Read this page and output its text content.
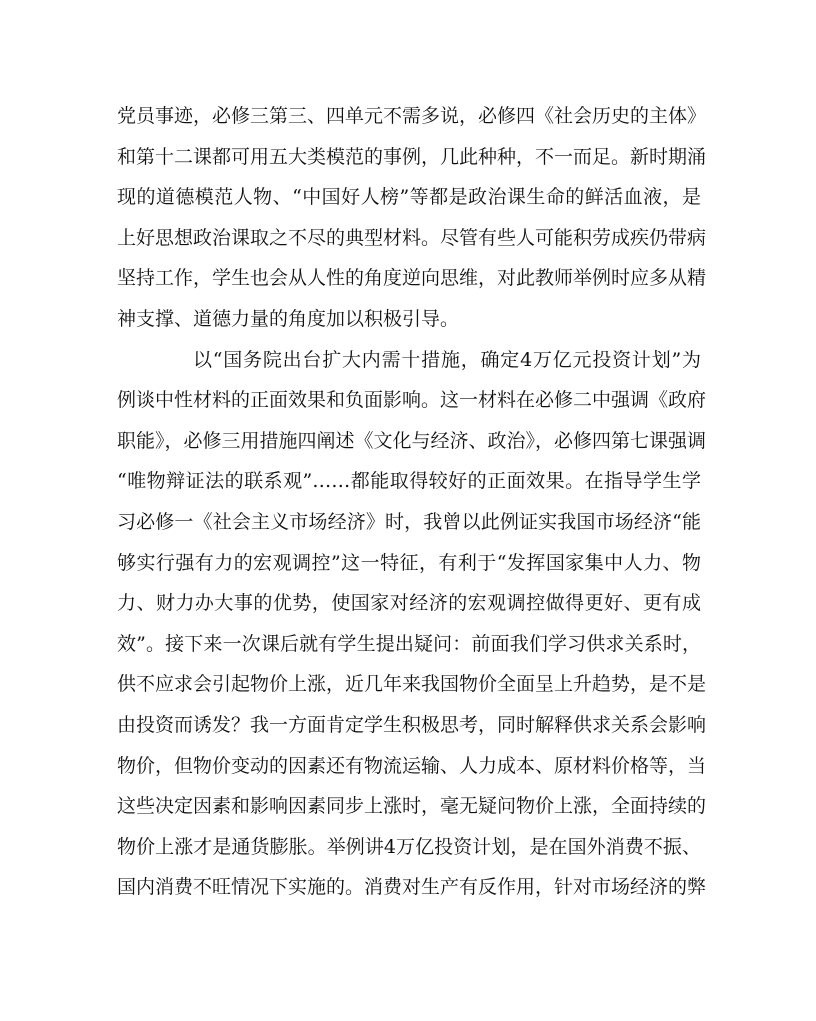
党员事迹，必修三第三、四单元不需多说，必修四《社会历史的主体》
和第十二课都可用五大类模范的事例，几此种种，不一而足。新时期涌
现的道德模范人物、“中国好人榜”等都是政治课生命的鲜活血液，是
上好思想政治课取之不尽的典型材料。尽管有些人可能积劳成疾仍带病
坚持工作，学生也会从人性的角度逆向思维，对此教师举例时应多从精
神支撑、道德力量的角度加以积极引导。
以“国务院出台扩大内需十措施，确定4万亿元投资计划”为
例谈中性材料的正面效果和负面影响。这一材料在必修二中强调《政府
职能》，必修三用措施四阐述《文化与经济、政治》，必修四第七课强调
“唯物辩证法的联系观”……都能取得较好的正面效果。在指导学生学
习必修一《社会主义市场经济》时，我曾以此例证实我国市场经济“能
够实行强有力的宏观调控”这一特征，有利于“发挥国家集中人力、物
力、财力办大事的优势，使国家对经济的宏观调控做得更好、更有成
效”。接下来一次课后就有学生提出疑问：前面我们学习供求关系时，
供不应求会引起物价上涨，近几年来我国物价全面呈上升趋势，是不是
由投资而诱发？我一方面肯定学生积极思考，同时解释供求关系会影响
物价，但物价变动的因素还有物流运输、人力成本、原材料价格等，当
这些决定因素和影响因素同步上涨时，毫无疑问物价上涨，全面持续的
物价上涨才是通货膨胀。举例讲4万亿投资计划，是在国外消费不振、
国内消费不旺情况下实施的。消费对生产有反作用，针对市场经济的弊
